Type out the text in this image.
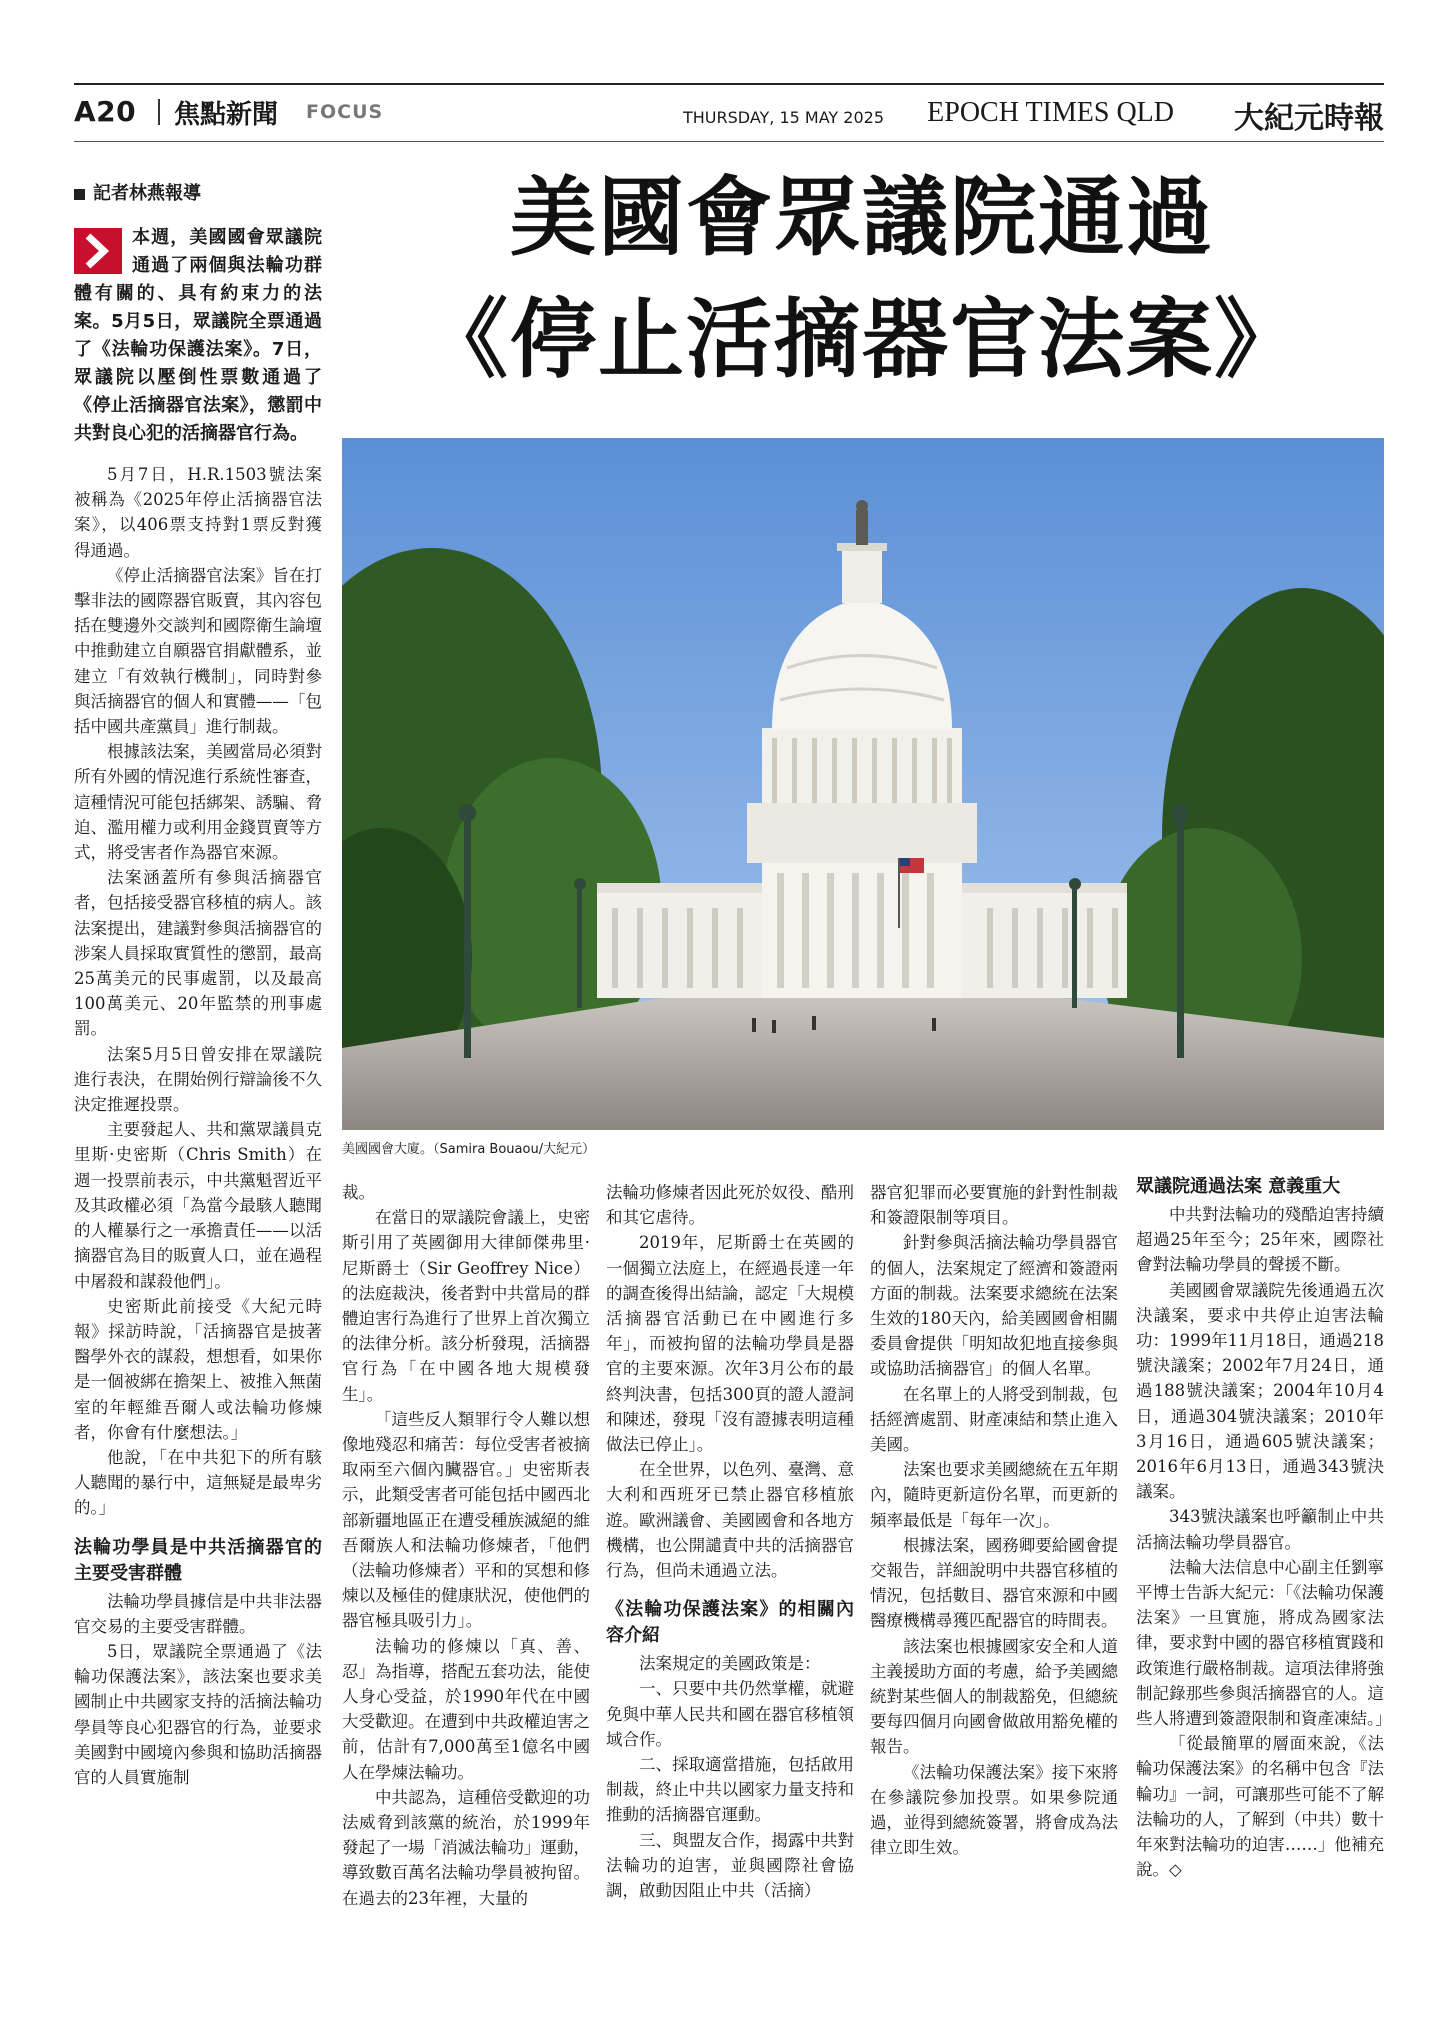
A20 焦點新聞 FOCUS	THURSDAY, 15 MAY 2025 EPOCH TIMES QLD 大紀元時報
記者林燕報導	美國會眾議院通過
《停止活摘器官法案》
美國國會大廈。（Samira Bouaou/大紀元）
本週，美國國會眾議院通過了兩個與法輪功群體有關的、具有約束力的法案。5月5日，眾議院全票通過了《法輪功保護法案》。7日，眾議院以壓倒性票數通過了《停止活摘器官法案》，懲罰中共對良心犯的活摘器官行為。

5月7日，H.R.1503號法案被稱為《2025年停止活摘器官法案》，以406票支持對1票反對獲得通過。

《停止活摘器官法案》旨在打擊非法的國際器官販賣，其內容包括在雙邊外交談判和國際衛生論壇中推動建立自願器官捐獻體系，並建立「有效執行機制」，同時對參與活摘器官的個人和實體——「包括中國共產黨員」進行制裁。

根據該法案，美國當局必須對所有外國的情況進行系統性審查，這種情況可能包括綁架、誘騙、脅迫、濫用權力或利用金錢買賣等方式，將受害者作為器官來源。

法案涵蓋所有參與活摘器官者，包括接受器官移植的病人。該法案提出，建議對參與活摘器官的涉案人員採取實質性的懲罰，最高25萬美元的民事處罰，以及最高100萬美元、20年監禁的刑事處罰。

法案5月5日曾安排在眾議院進行表決，在開始例行辯論後不久決定推遲投票。

主要發起人、共和黨眾議員克里斯·史密斯（Chris Smith）在週一投票前表示，中共黨魁習近平及其政權必須「為當今最駭人聽聞的人權暴行之一承擔責任——以活摘器官為目的販賣人口，並在過程中屠殺和謀殺他們」。

史密斯此前接受《大紀元時報》採訪時說，「活摘器官是披著醫學外衣的謀殺，想想看，如果你是一個被綁在擔架上、被推入無菌室的年輕維吾爾人或法輪功修煉者，你會有什麼想法。」

他說，「在中共犯下的所有駭人聽聞的暴行中，這無疑是最卑劣的。」

法輪功學員是中共活摘器官的主要受害群體

法輪功學員據信是中共非法器官交易的主要受害群體。

5日，眾議院全票通過了《法輪功保護法案》，該法案也要求美國制止中共國家支持的活摘法輪功學員等良心犯器官的行為，並要求美國對中國境內參與和協助活摘器官的人員實施制

裁。

在當日的眾議院會議上，史密斯引用了英國御用大律師傑弗里·尼斯爵士（Sir Geoffrey Nice）的法庭裁決，後者對中共當局的群體迫害行為進行了世界上首次獨立的法律分析。該分析發現，活摘器官行為「在中國各地大規模發生」。

「這些反人類罪行令人難以想像地殘忍和痛苦：每位受害者被摘取兩至六個內臟器官。」史密斯表示，此類受害者可能包括中國西北部新疆地區正在遭受種族滅絕的維吾爾族人和法輪功修煉者，「他們（法輪功修煉者）平和的冥想和修煉以及極佳的健康狀況，使他們的器官極具吸引力」。

法輪功的修煉以「真、善、忍」為指導，搭配五套功法，能使人身心受益，於1990年代在中國大受歡迎。在遭到中共政權迫害之前，估計有7,000萬至1億名中國人在學煉法輪功。

中共認為，這種倍受歡迎的功法威脅到該黨的統治，於1999年發起了一場「消滅法輪功」運動，導致數百萬名法輪功學員被拘留。在過去的23年裡，大量的

法輪功修煉者因此死於奴役、酷刑和其它虐待。

2019年，尼斯爵士在英國的一個獨立法庭上，在經過長達一年的調查後得出結論，認定「大規模活摘器官活動已在中國進行多年」，而被拘留的法輪功學員是器官的主要來源。次年3月公布的最終判決書，包括300頁的證人證詞和陳述，發現「沒有證據表明這種做法已停止」。

在全世界，以色列、臺灣、意大利和西班牙已禁止器官移植旅遊。歐洲議會、美國國會和各地方機構，也公開譴責中共的活摘器官行為，但尚未通過立法。

《法輪功保護法案》的相關內容介紹

法案規定的美國政策是：

一、只要中共仍然掌權，就避免與中華人民共和國在器官移植領域合作。

二、採取適當措施，包括啟用制裁，終止中共以國家力量支持和推動的活摘器官運動。

三、與盟友合作，揭露中共對法輪功的迫害，並與國際社會協調，啟動因阻止中共（活摘）

器官犯罪而必要實施的針對性制裁和簽證限制等項目。

針對參與活摘法輪功學員器官的個人，法案規定了經濟和簽證兩方面的制裁。法案要求總統在法案生效的180天內，給美國國會相關委員會提供「明知故犯地直接參與或協助活摘器官」的個人名單。

在名單上的人將受到制裁，包括經濟處罰、財產凍結和禁止進入美國。

法案也要求美國總統在五年期內，隨時更新這份名單，而更新的頻率最低是「每年一次」。

根據法案，國務卿要給國會提交報告，詳細說明中共器官移植的情況，包括數目、器官來源和中國醫療機構尋獲匹配器官的時間表。

該法案也根據國家安全和人道主義援助方面的考慮，給予美國總統對某些個人的制裁豁免，但總統要每四個月向國會做啟用豁免權的報告。

《法輪功保護法案》接下來將在參議院參加投票。如果參院通過，並得到總統簽署，將會成為法律立即生效。

眾議院通過法案 意義重大

中共對法輪功的殘酷迫害持續超過25年至今；25年來，國際社會對法輪功學員的聲援不斷。

美國國會眾議院先後通過五次決議案，要求中共停止迫害法輪功：1999年11月18日，通過218號決議案；2002年7月24日，通過188號決議案；2004年10月4日，通過304號決議案；2010年3月16日，通過605號決議案；2016年6月13日，通過343號決議案。

343號決議案也呼籲制止中共活摘法輪功學員器官。

法輪大法信息中心副主任劉寧平博士告訴大紀元：「《法輪功保護法案》一旦實施，將成為國家法律，要求對中國的器官移植實踐和政策進行嚴格制裁。這項法律將強制記錄那些參與活摘器官的人。這些人將遭到簽證限制和資產凍結。」

「從最簡單的層面來說，《法輪功保護法案》的名稱中包含『法輪功』一詞，可讓那些可能不了解法輪功的人，了解到（中共）數十年來對法輪功的迫害……」他補充說。◇
